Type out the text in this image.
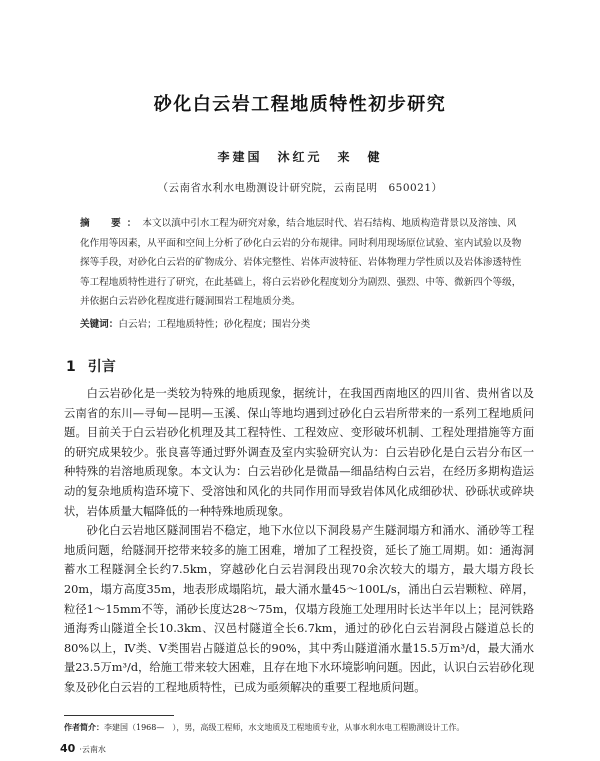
砂化白云岩工程地质特性初步研究
李建国　沐红元　来　健
（云南省水利水电勘测设计研究院，云南昆明　650021）
摘　要：本文以滇中引水工程为研究对象，结合地层时代、岩石结构、地质构造背景以及溶蚀、风化作用等因素，从平面和空间上分析了砂化白云岩的分布规律。同时利用现场原位试验、室内试验以及物探等手段，对砂化白云岩的矿物成分、岩体完整性、岩体声波特征、岩体物理力学性质以及岩体渗透特性等工程地质特性进行了研究，在此基础上，将白云岩砂化程度划分为剧烈、强烈、中等、微新四个等级，并依据白云岩砂化程度进行隧洞围岩工程地质分类。
关键词：白云岩；工程地质特性；砂化程度；围岩分类
1 引言

白云岩砂化是一类较为特殊的地质现象，据统计，在我国西南地区的四川省、贵州省以及云南省的东川—寻甸—昆明—玉溪、保山等地均遇到过砂化白云岩所带来的一系列工程地质问题。目前关于白云岩砂化机理及其工程特性、工程效应、变形破坏机制、工程处理措施等方面的研究成果较少。张良喜等通过野外调查及室内实验研究认为：白云岩砂化是白云岩分布区一种特殊的岩溶地质现象。本文认为：白云岩砂化是微晶—细晶结构白云岩，在经历多期构造运动的复杂地质构造环境下、受溶蚀和风化的共同作用而导致岩体风化成细砂状、砂砾状或碎块状，岩体质量大幅降低的一种特殊地质现象。

砂化白云岩地区隧洞围岩不稳定，地下水位以下洞段易产生隧洞塌方和涌水、涌砂等工程地质问题，给隧洞开挖带来较多的施工困难，增加了工程投资，延长了施工周期。如：通海洞蓄水工程隧洞全长约7.5km，穿越砂化白云岩洞段出现70余次较大的塌方，最大塌方段长20m，塌方高度35m，地表形成塌陷坑，最大涌水量45～100L/s，涌出白云岩颗粒、碎屑，粒径1～15mm不等，涌砂长度达28～75m，仅塌方段施工处理用时长达半年以上；昆河铁路通海秀山隧道全长10.3km、汉邑村隧道全长6.7km，通过的砂化白云岩洞段占隧道总长的80%以上，Ⅳ类、Ⅴ类围岩占隧道总长的90%，其中秀山隧道涌水量15.5万m³/d，最大涌水量23.5万m³/d，给施工带来较大困难，且存在地下水环境影响问题。因此，认识白云岩砂化现象及砂化白云岩的工程地质特性，已成为亟须解决的重要工程地质问题。

作者简介：李建国（1968—　），男，高级工程师，水文地质及工程地质专业，从事水利水电工程勘测设计工作。
40 ·云南水
